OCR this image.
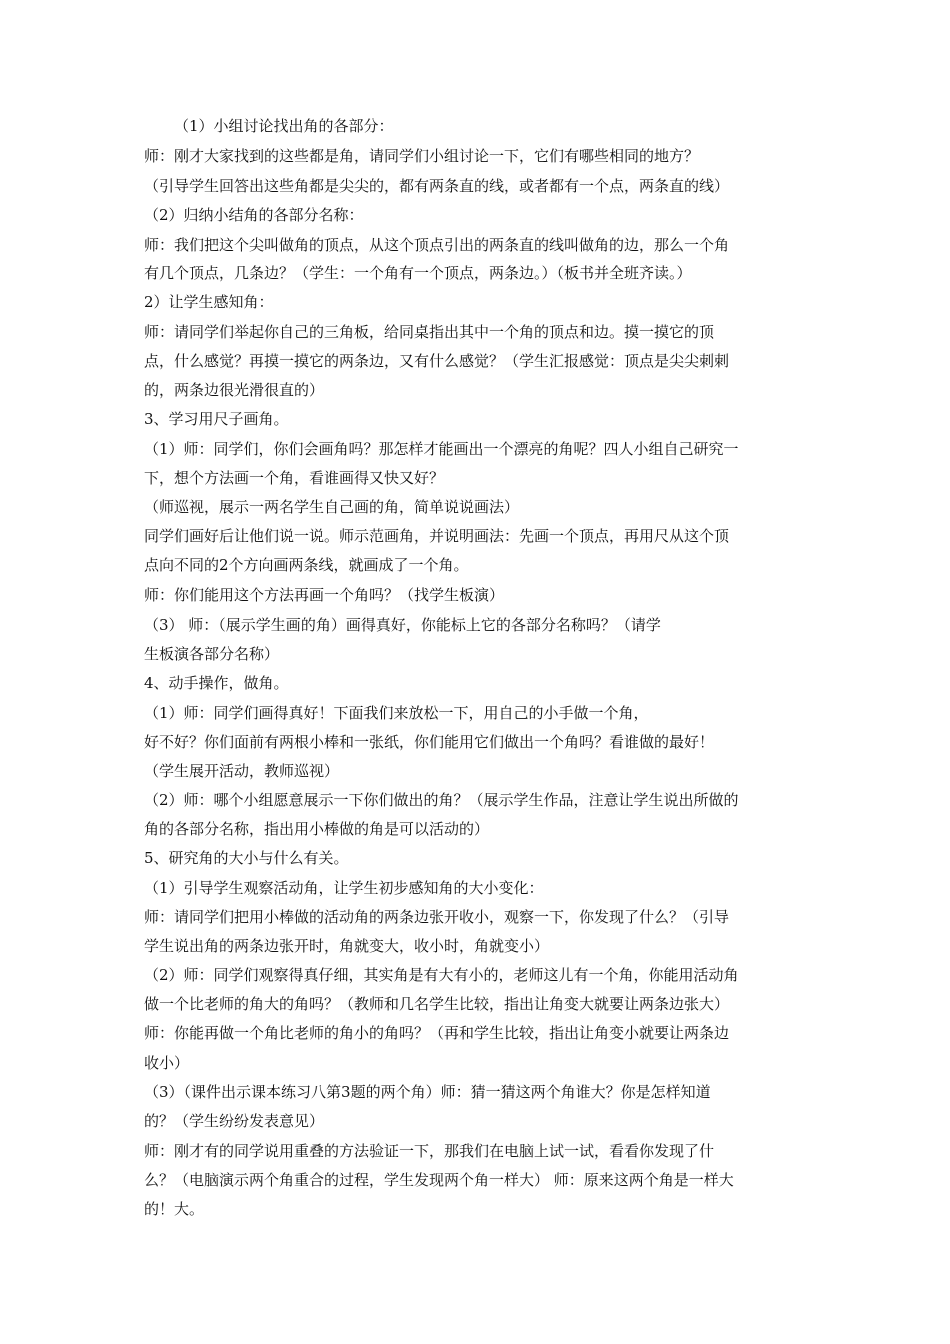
（1）小组讨论找出角的各部分：
师：刚才大家找到的这些都是角，请同学们小组讨论一下，它们有哪些相同的地方？
（引导学生回答出这些角都是尖尖的，都有两条直的线，或者都有一个点，两条直的线）
（2）归纳小结角的各部分名称：
师：我们把这个尖叫做角的顶点，从这个顶点引出的两条直的线叫做角的边，那么一个角
有几个顶点，几条边？（学生：一个角有一个顶点，两条边。）（板书并全班齐读。）
2）让学生感知角：
师：请同学们举起你自己的三角板，给同桌指出其中一个角的顶点和边。摸一摸它的顶
点，什么感觉？再摸一摸它的两条边，又有什么感觉？（学生汇报感觉：顶点是尖尖刺刺
的，两条边很光滑很直的）
3、学习用尺子画角。
（1）师：同学们，你们会画角吗？那怎样才能画出一个漂亮的角呢？四人小组自己研究一
下，想个方法画一个角，看谁画得又快又好？
（师巡视，展示一两名学生自己画的角，简单说说画法）
同学们画好后让他们说一说。师示范画角，并说明画法：先画一个顶点，再用尺从这个顶
点向不同的2个方向画两条线，就画成了一个角。
师：你们能用这个方法再画一个角吗？（找学生板演）
（3） 师：（展示学生画的角）画得真好，你能标上它的各部分名称吗？（请学
生板演各部分名称）
4、动手操作，做角。
（1）师：同学们画得真好！下面我们来放松一下，用自己的小手做一个角，
好不好？你们面前有两根小棒和一张纸，你们能用它们做出一个角吗？看谁做的最好！
（学生展开活动，教师巡视）
（2）师：哪个小组愿意展示一下你们做出的角？（展示学生作品，注意让学生说出所做的
角的各部分名称，指出用小棒做的角是可以活动的）
5、研究角的大小与什么有关。
（1）引导学生观察活动角，让学生初步感知角的大小变化：
师：请同学们把用小棒做的活动角的两条边张开收小，观察一下，你发现了什么？（引导
学生说出角的两条边张开时，角就变大，收小时，角就变小）
（2）师：同学们观察得真仔细，其实角是有大有小的，老师这儿有一个角，你能用活动角
做一个比老师的角大的角吗？（教师和几名学生比较，指出让角变大就要让两条边张大）
师：你能再做一个角比老师的角小的角吗？（再和学生比较，指出让角变小就要让两条边
收小）
（3）（课件出示课本练习八第3题的两个角）师：猜一猜这两个角谁大？你是怎样知道
的？（学生纷纷发表意见）
师：刚才有的同学说用重叠的方法验证一下，那我们在电脑上试一试，看看你发现了什
么？（电脑演示两个角重合的过程，学生发现两个角一样大） 师：原来这两个角是一样大
的！大。
